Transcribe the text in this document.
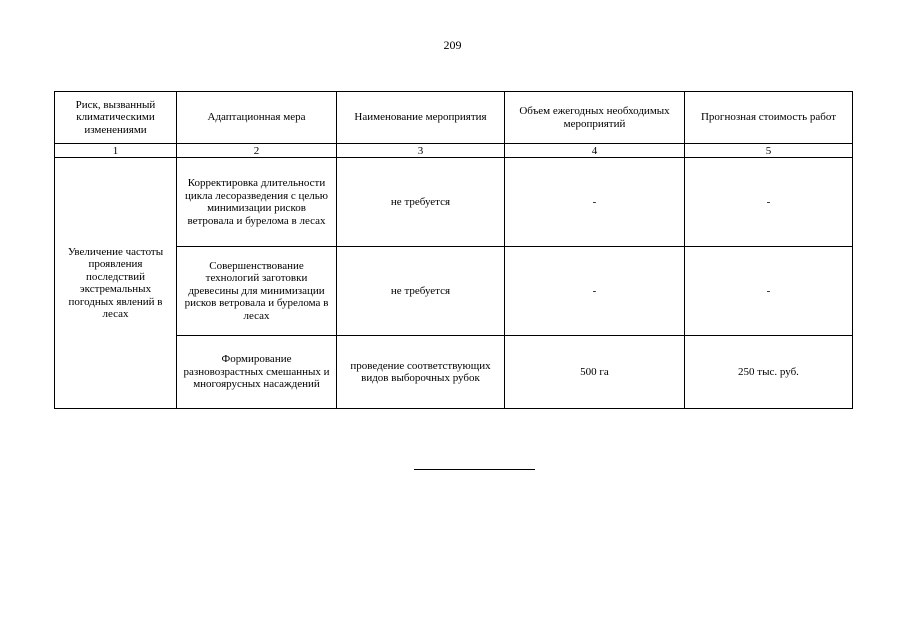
209
Риск, вызванный климатическими изменениями	Адаптационная мера	Наименование мероприятия	Объем ежегодных необходимых мероприятий	Прогнозная стоимость работ
1	2	3	4	5
Увеличение частоты проявления последствий экстремальных погодных явлений в лесах	Корректировка длительности цикла лесоразведения с целью минимизации рисков ветровала и бурелома в лесах	не требуется	-	-
	Совершенствование технологий заготовки древесины для минимизации рисков ветровала и бурелома в лесах	не требуется	-	-
	Формирование разновозрастных смешанных и многоярусных насаждений	проведение соответствующих видов выборочных рубок	500 га	250 тыс. руб.
